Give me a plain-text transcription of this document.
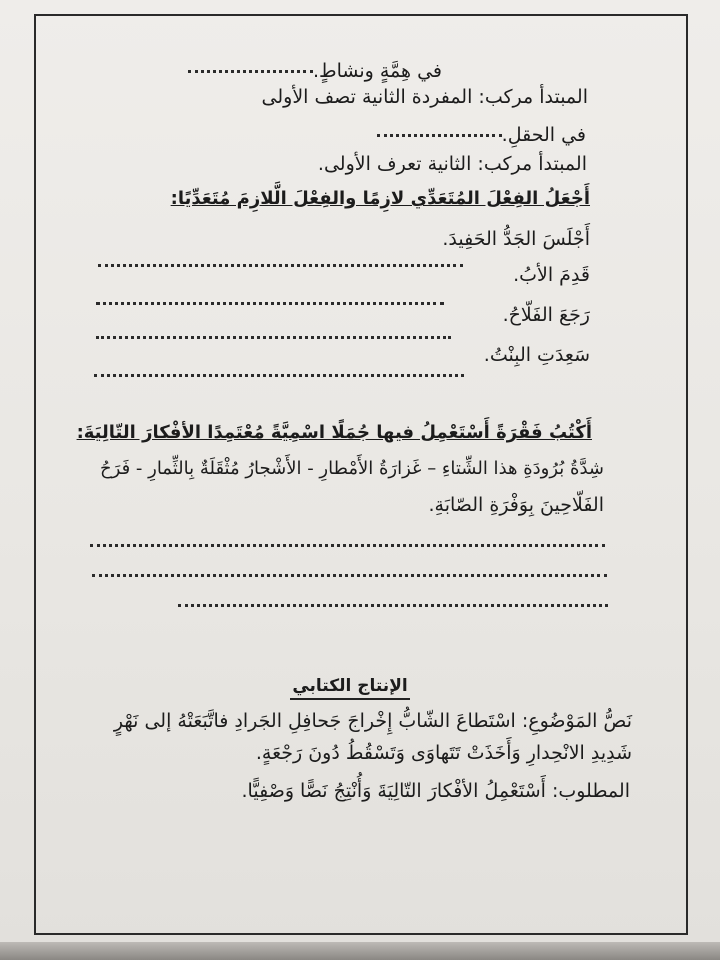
في هِمَّةٍ ونشاطٍ.
المبتدأ مركب: المفردة الثانية تصف الأولى
في الحقلِ.
المبتدأ مركب: الثانية تعرف الأولى.
أَجْعَلُ الفِعْلَ المُتَعَدِّي لازِمًا والفِعْلَ الَّلازِمَ مُتَعَدِّيًا:
أَجْلَسَ الجَدُّ الحَفِيدَ.
قَدِمَ الأبُ.
رَجَعَ الفَلّاحُ.
سَعِدَتِ البِنْتُ.
أَكْتُبُ فَقْرَةً أَسْتَعْمِلُ فيها جُمَلًا اسْمِيَّةً مُعْتَمِدًا الأفْكارَ التّالِيَةَ:
شِدَّةُ بُرُودَةِ هذا الشِّتاءِ – غَزارَةُ الأَمْطارِ - الأَشْجارُ مُثْقَلَةٌ بِالثِّمارِ - فَرَحُ
الفَلّاحِينَ بِوَفْرَةِ الصّابَةِ.
الإنتاج الكتابي
نَصُّ المَوْضُوعِ: اسْتَطاعَ الشّابُّ إِخْراجَ جَحافِلِ الجَرادِ فاتَّبَعَتْهُ إلى نَهْرٍ
شَدِيدِ الانْحِدارِ وَأَخَذَتْ تَتَهاوَى وَتَسْقُطُ دُونَ رَجْعَةٍ.
المطلوب: أَسْتَعْمِلُ الأفْكارَ التّالِيَةَ وَأُنْتِجُ نَصًّا وَصْفِيًّا.
